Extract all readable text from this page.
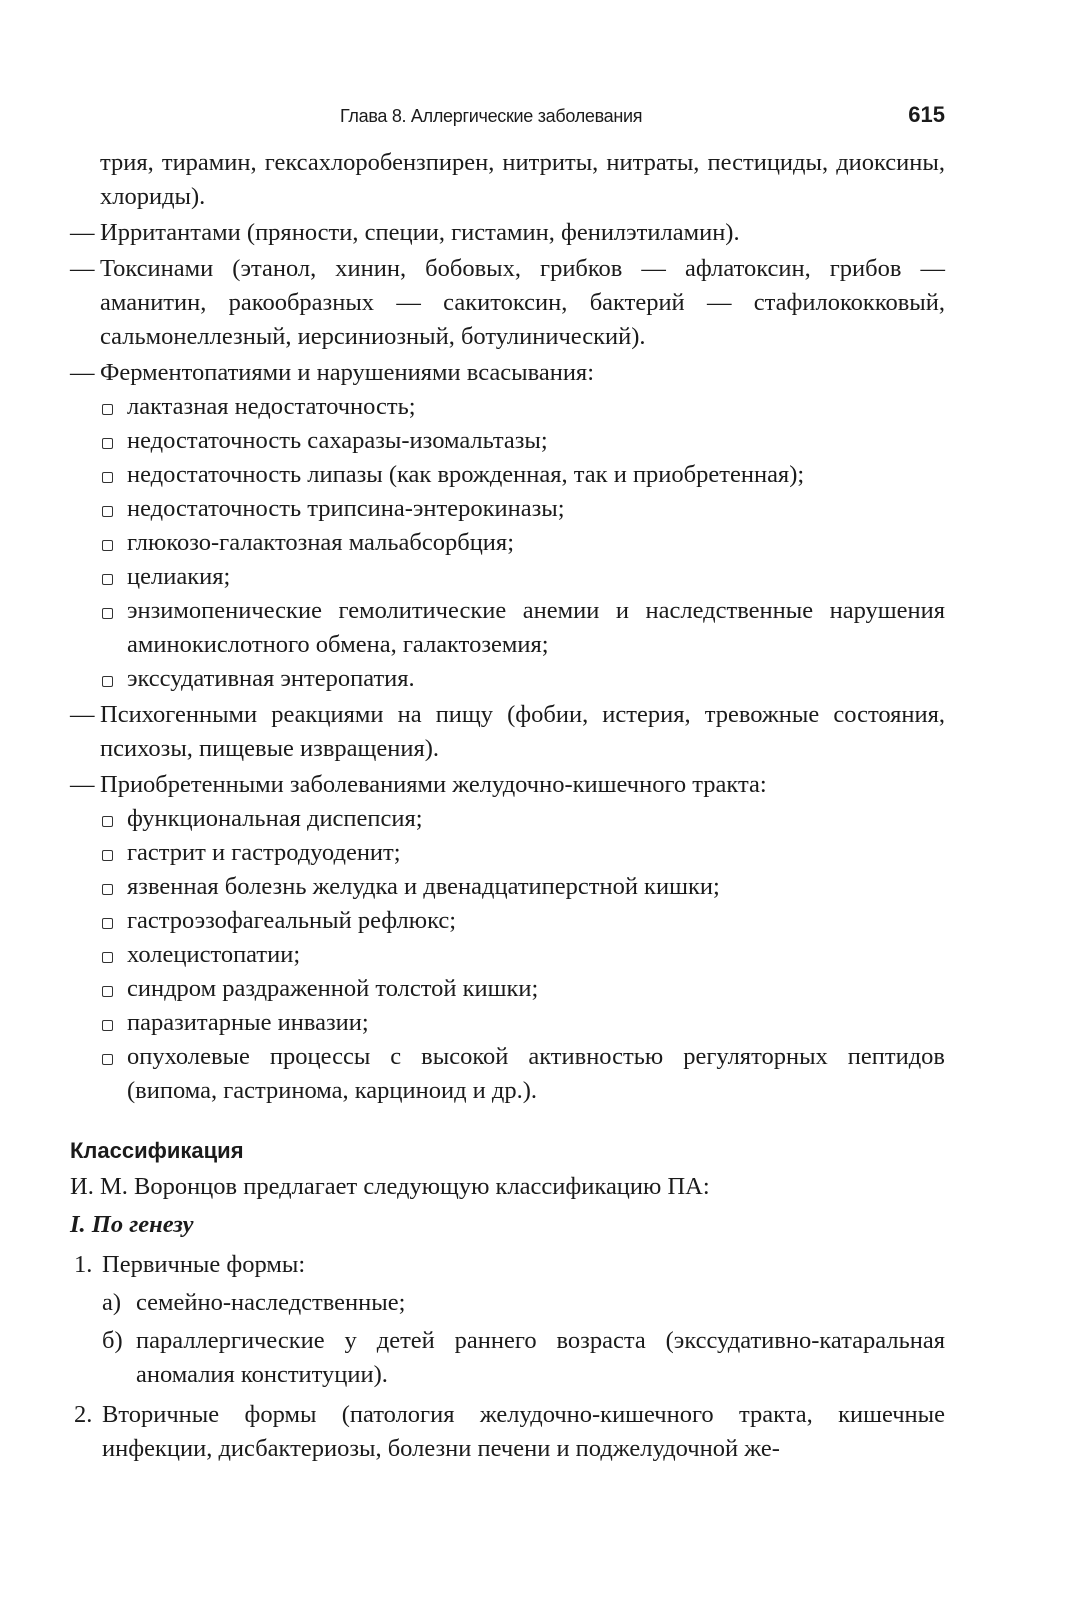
Глава 8. Аллергические заболевания	615
трия, тирамин, гексахлоробензпирен, нитриты, нитраты, пестициды, диоксины, хлориды).
— Ирритантами (пряности, специи, гистамин, фенилэтиламин).
— Токсинами (этанол, хинин, бобовых, грибков — афлатоксин, грибов — аманитин, ракообразных — сакитоксин, бактерий — стафилококковый, сальмонеллезный, иерсиниозный, ботулинический).
— Ферментопатиями и нарушениями всасывания:
лактазная недостаточность;
недостаточность сахаразы-изомальтазы;
недостаточность липазы (как врожденная, так и приобретенная);
недостаточность трипсина-энтерокиназы;
глюкозо-галактозная мальабсорбция;
целиакия;
энзимопенические гемолитические анемии и наследственные нарушения аминокислотного обмена, галактоземия;
экссудативная энтеропатия.
— Психогенными реакциями на пищу (фобии, истерия, тревожные состояния, психозы, пищевые извращения).
— Приобретенными заболеваниями желудочно-кишечного тракта:
функциональная диспепсия;
гастрит и гастродуоденит;
язвенная болезнь желудка и двенадцатиперстной кишки;
гастроэзофагеальный рефлюкс;
холецистопатии;
синдром раздраженной толстой кишки;
паразитарные инвазии;
опухолевые процессы с высокой активностью регуляторных пептидов (випома, гастринома, карциноид и др.).
Классификация
И. М. Воронцов предлагает следующую классификацию ПА:
I. По генезу
1. Первичные формы:
а) семейно-наследственные;
б) параллергические у детей раннего возраста (экссудативно-катаральная аномалия конституции).
2. Вторичные формы (патология желудочно-кишечного тракта, кишечные инфекции, дисбактериозы, болезни печени и поджелудочной же-
